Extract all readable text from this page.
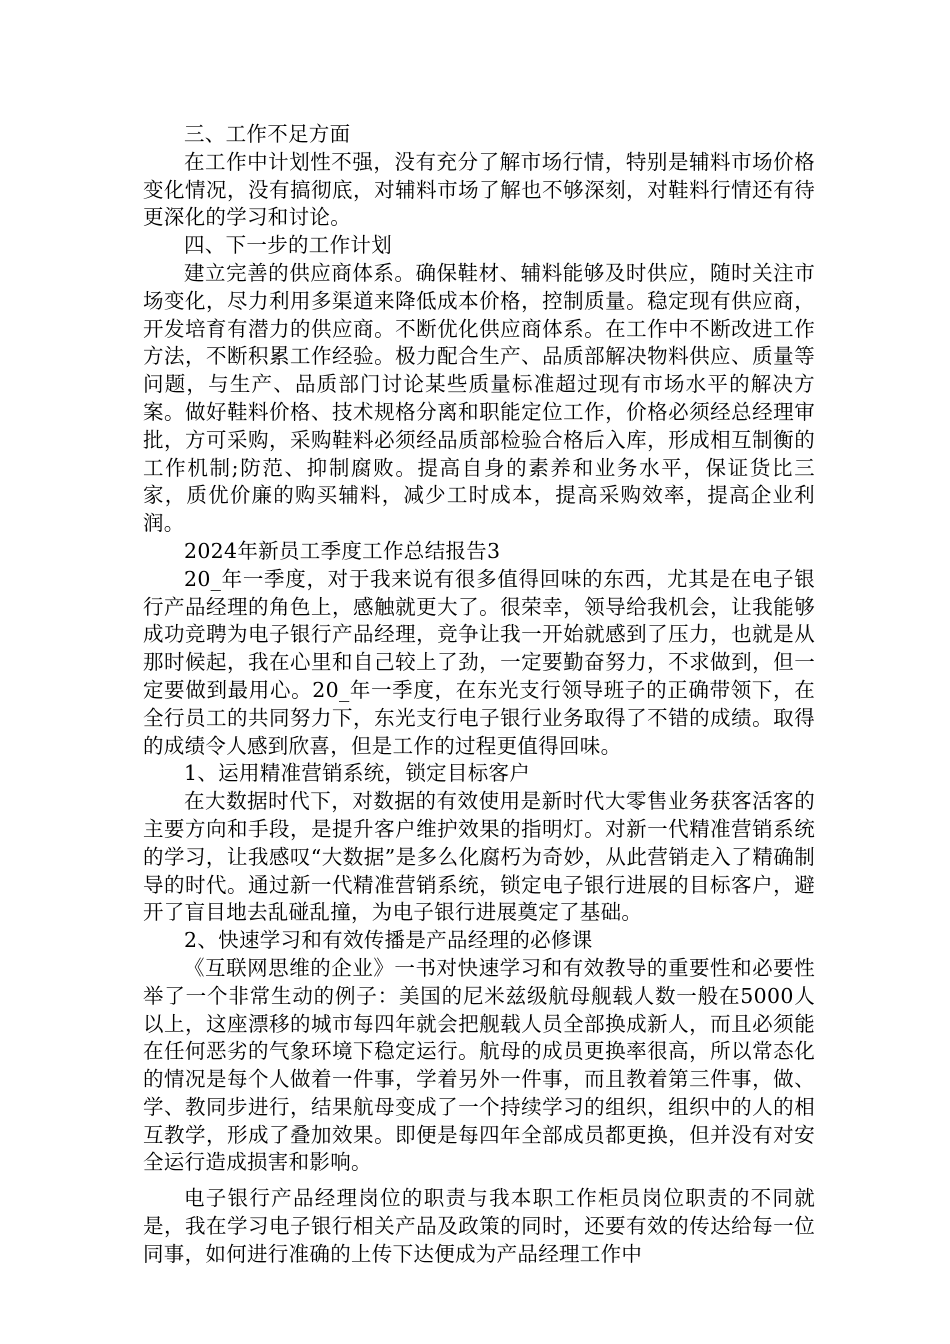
三、工作不足方面

在工作中计划性不强，没有充分了解市场行情，特别是辅料市场价格变化情况，没有搞彻底，对辅料市场了解也不够深刻，对鞋料行情还有待更深化的学习和讨论。

四、下一步的工作计划

建立完善的供应商体系。确保鞋材、辅料能够及时供应，随时关注市场变化，尽力利用多渠道来降低成本价格，控制质量。稳定现有供应商，开发培育有潜力的供应商。不断优化供应商体系。在工作中不断改进工作方法，不断积累工作经验。极力配合生产、品质部解决物料供应、质量等问题，与生产、品质部门讨论某些质量标准超过现有市场水平的解决方案。做好鞋料价格、技术规格分离和职能定位工作，价格必须经总经理审批，方可采购，采购鞋料必须经品质部检验合格后入库，形成相互制衡的工作机制;防范、抑制腐败。提高自身的素养和业务水平，保证货比三家，质优价廉的购买辅料，减少工时成本，提高采购效率，提高企业利润。

2024年新员工季度工作总结报告3

20_年一季度，对于我来说有很多值得回味的东西，尤其是在电子银行产品经理的角色上，感触就更大了。很荣幸，领导给我机会，让我能够成功竞聘为电子银行产品经理，竞争让我一开始就感到了压力，也就是从那时候起，我在心里和自己较上了劲，一定要勤奋努力，不求做到，但一定要做到最用心。20_年一季度，在东光支行领导班子的正确带领下，在全行员工的共同努力下，东光支行电子银行业务取得了不错的成绩。取得的成绩令人感到欣喜，但是工作的过程更值得回味。

1、运用精准营销系统，锁定目标客户

在大数据时代下，对数据的有效使用是新时代大零售业务获客活客的主要方向和手段，是提升客户维护效果的指明灯。对新一代精准营销系统的学习，让我感叹“大数据”是多么化腐朽为奇妙，从此营销走入了精确制导的时代。通过新一代精准营销系统，锁定电子银行进展的目标客户，避开了盲目地去乱碰乱撞，为电子银行进展奠定了基础。

2、快速学习和有效传播是产品经理的必修课

《互联网思维的企业》一书对快速学习和有效教导的重要性和必要性举了一个非常生动的例子：美国的尼米兹级航母舰载人数一般在5000人以上，这座漂移的城市每四年就会把舰载人员全部换成新人，而且必须能在任何恶劣的气象环境下稳定运行。航母的成员更换率很高，所以常态化的情况是每个人做着一件事，学着另外一件事，而且教着第三件事，做、学、教同步进行，结果航母变成了一个持续学习的组织，组织中的人的相互教学，形成了叠加效果。即便是每四年全部成员都更换，但并没有对安全运行造成损害和影响。

电子银行产品经理岗位的职责与我本职工作柜员岗位职责的不同就是，我在学习电子银行相关产品及政策的同时，还要有效的传达给每一位同事，如何进行准确的上传下达便成为产品经理工作中
